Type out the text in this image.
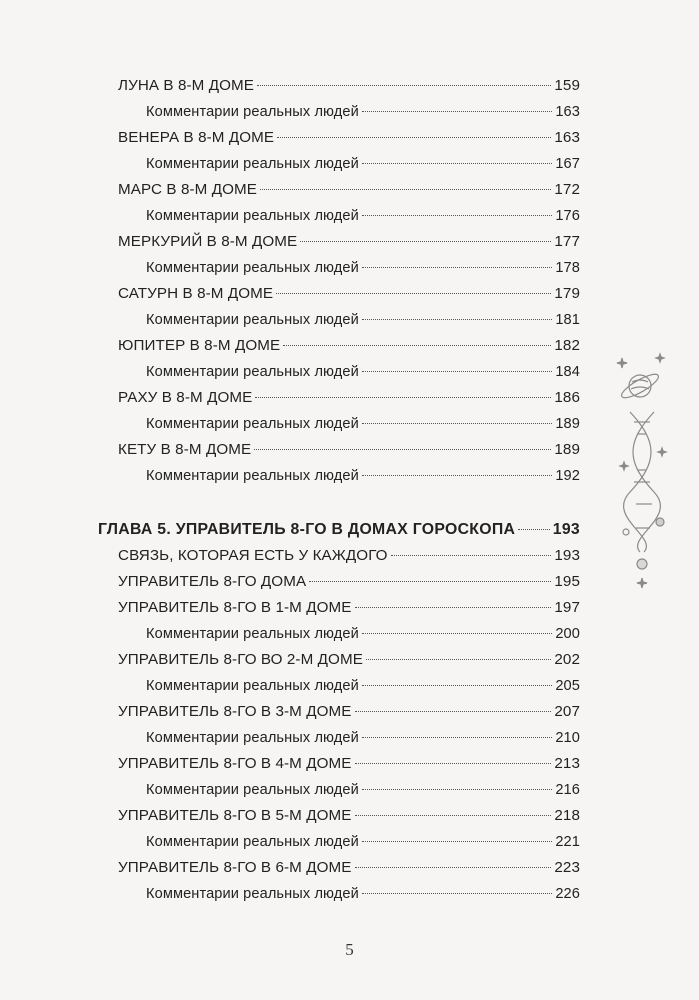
ЛУНА В 8-М ДОМЕ	159
Комментарии реальных людей	163
ВЕНЕРА В 8-М ДОМЕ	163
Комментарии реальных людей	167
МАРС В 8-М ДОМЕ	172
Комментарии реальных людей	176
МЕРКУРИЙ В 8-М ДОМЕ	177
Комментарии реальных людей	178
САТУРН В 8-М ДОМЕ	179
Комментарии реальных людей	181
ЮПИТЕР В 8-М ДОМЕ	182
Комментарии реальных людей	184
РАХУ В 8-М ДОМЕ	186
Комментарии реальных людей	189
КЕТУ В 8-М ДОМЕ	189
Комментарии реальных людей	192
ГЛАВА 5. УПРАВИТЕЛЬ 8-ГО В ДОМАХ ГОРОСКОПА 193
СВЯЗЬ, КОТОРАЯ ЕСТЬ У КАЖДОГО	193
УПРАВИТЕЛЬ 8-ГО ДОМА	195
УПРАВИТЕЛЬ 8-ГО В 1-М ДОМЕ	197
Комментарии реальных людей	200
УПРАВИТЕЛЬ 8-ГО ВО 2-М ДОМЕ	202
Комментарии реальных людей	205
УПРАВИТЕЛЬ 8-ГО В 3-М ДОМЕ	207
Комментарии реальных людей	210
УПРАВИТЕЛЬ 8-ГО В 4-М ДОМЕ	213
Комментарии реальных людей	216
УПРАВИТЕЛЬ 8-ГО В 5-М ДОМЕ	218
Комментарии реальных людей	221
УПРАВИТЕЛЬ 8-ГО В 6-М ДОМЕ	223
Комментарии реальных людей	226
5
